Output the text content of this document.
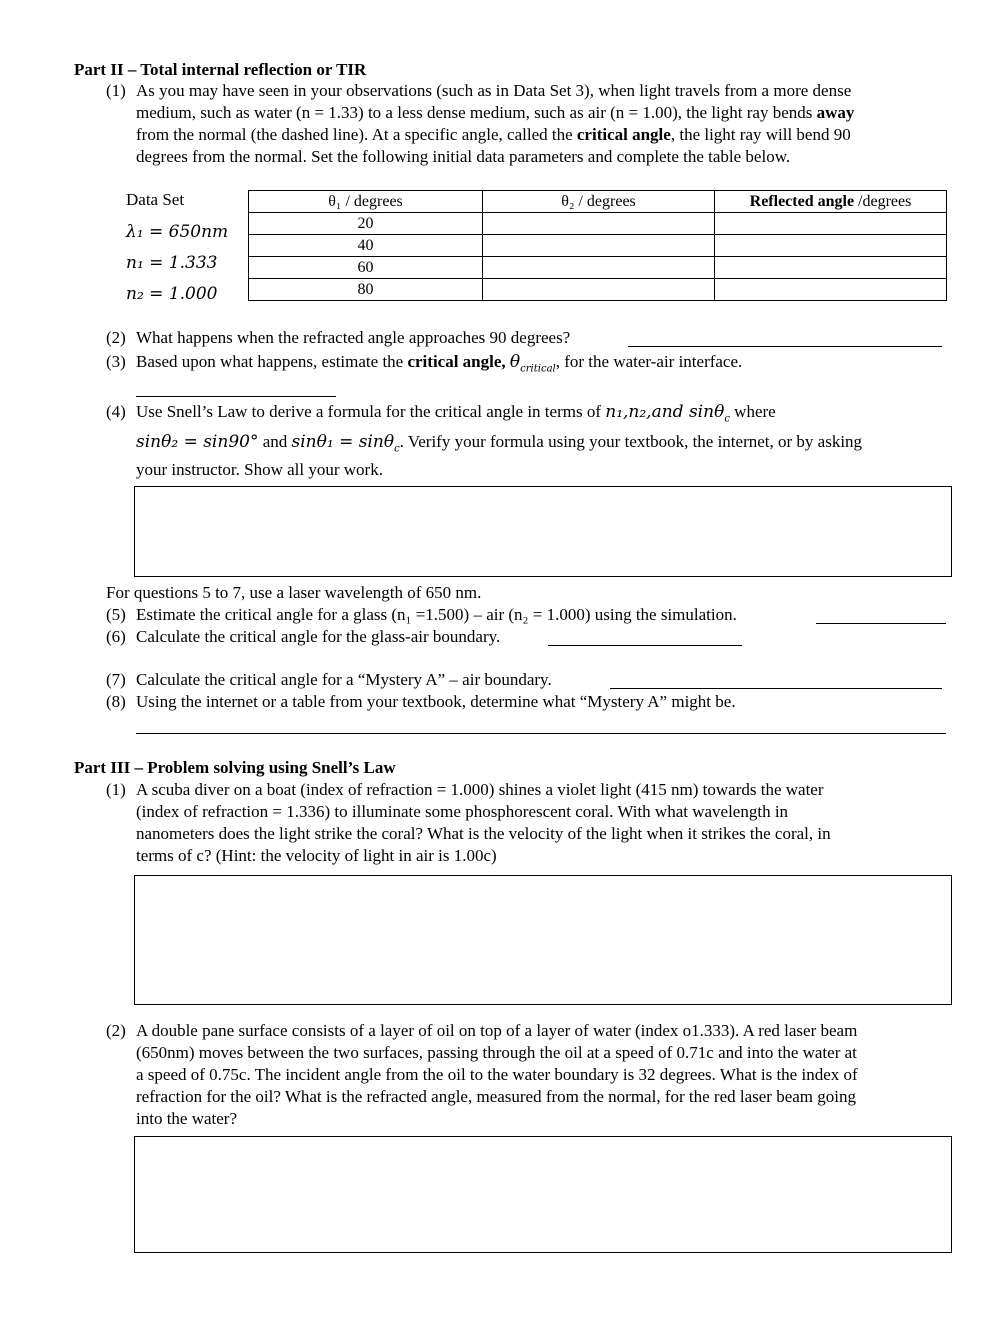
Part II – Total internal reflection or TIR
(1) As you may have seen in your observations (such as in Data Set 3), when light travels from a more dense
medium, such as water (n = 1.33) to a less dense medium, such as air (n = 1.00), the light ray bends away
from the normal (the dashed line). At a specific angle, called the critical angle, the light ray will bend 90
degrees from the normal. Set the following initial data parameters and complete the table below.
Data Set
λ₁ = 650nm
n₁ = 1.333
n₂ = 1.000
θ₁ / degrees	θ₂ / degrees	Reflected angle /degrees
20		
40		
60		
80		
(2) What happens when the refracted angle approaches 90 degrees?
(3) Based upon what happens, estimate the critical angle, $\theta_{critical}$, for the water-air interface.
(4) Use Snell’s Law to derive a formula for the critical angle in terms of n₁,n₂,and sinθ$_c$ where
sinθ₂ = sin90° and sinθ₁ = sinθ$_c$. Verify your formula using your textbook, the internet, or by asking
your instructor. Show all your work.
For questions 5 to 7, use a laser wavelength of 650 nm.
(5) Estimate the critical angle for a glass (n₁ =1.500) – air (n₂ = 1.000) using the simulation.
(6) Calculate the critical angle for the glass-air boundary.
(7) Calculate the critical angle for a “Mystery A” – air boundary.
(8) Using the internet or a table from your textbook, determine what “Mystery A” might be.
Part III – Problem solving using Snell’s Law
(1) A scuba diver on a boat (index of refraction = 1.000) shines a violet light (415 nm) towards the water
(index of refraction = 1.336) to illuminate some phosphorescent coral. With what wavelength in
nanometers does the light strike the coral? What is the velocity of the light when it strikes the coral, in
terms of c? (Hint: the velocity of light in air is 1.00c)
(2) A double pane surface consists of a layer of oil on top of a layer of water (index o1.333). A red laser beam
(650nm) moves between the two surfaces, passing through the oil at a speed of 0.71c and into the water at
a speed of 0.75c. The incident angle from the oil to the water boundary is 32 degrees. What is the index of
refraction for the oil? What is the refracted angle, measured from the normal, for the red laser beam going
into the water?
